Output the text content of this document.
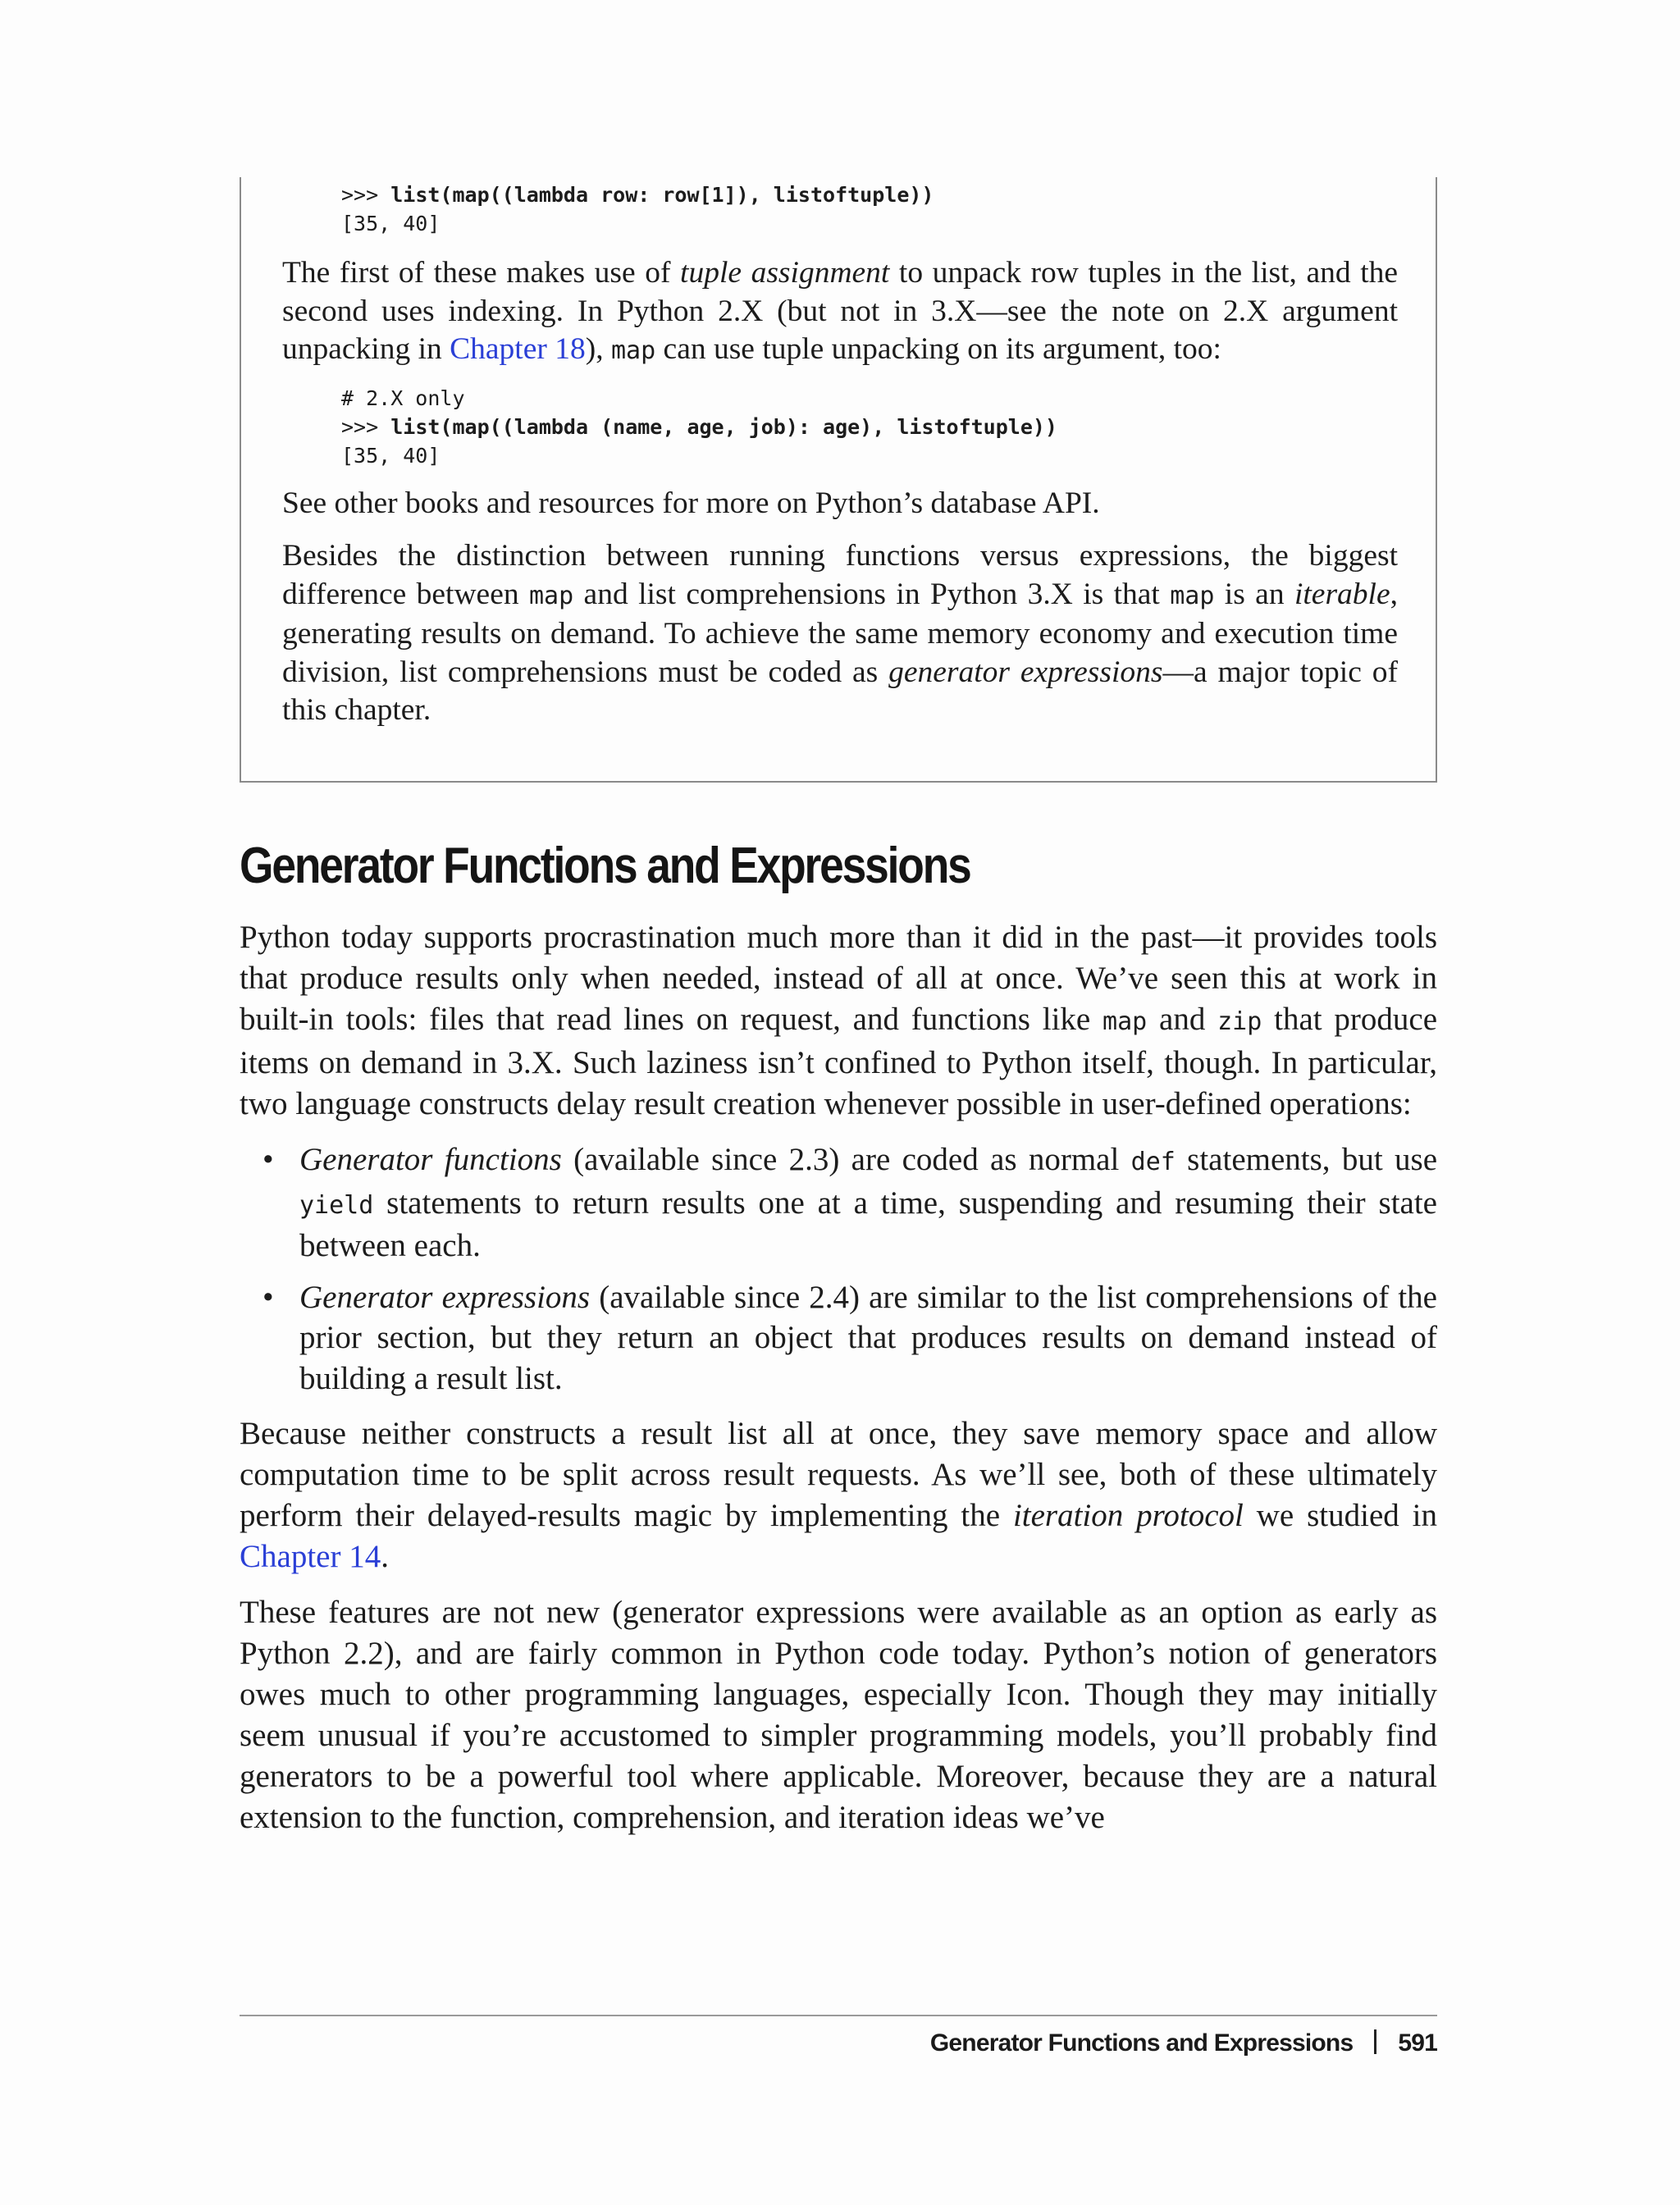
>>> list(map((lambda row: row[1]), listoftuple))
[35, 40]

The first of these makes use of tuple assignment to unpack row tuples in the list, and the second uses indexing. In Python 2.X (but not in 3.X—see the note on 2.X argument unpacking in Chapter 18), map can use tuple unpacking on its argument, too:

# 2.X only
>>> list(map((lambda (name, age, job): age), listoftuple))
[35, 40]

See other books and resources for more on Python’s database API.

Besides the distinction between running functions versus expressions, the biggest difference between map and list comprehensions in Python 3.X is that map is an iterable, generating results on demand. To achieve the same memory economy and execution time division, list comprehensions must be coded as generator expressions—a major topic of this chapter.

Generator Functions and Expressions

Python today supports procrastination much more than it did in the past—it provides tools that produce results only when needed, instead of all at once. We’ve seen this at work in built-in tools: files that read lines on request, and functions like map and zip that produce items on demand in 3.X. Such laziness isn’t confined to Python itself, though. In particular, two language constructs delay result creation whenever possible in user-defined operations:

• Generator functions (available since 2.3) are coded as normal def statements, but use yield statements to return results one at a time, suspending and resuming their state between each.
• Generator expressions (available since 2.4) are similar to the list comprehensions of the prior section, but they return an object that produces results on demand instead of building a result list.

Because neither constructs a result list all at once, they save memory space and allow computation time to be split across result requests. As we’ll see, both of these ultimately perform their delayed-results magic by implementing the iteration protocol we studied in Chapter 14.

These features are not new (generator expressions were available as an option as early as Python 2.2), and are fairly common in Python code today. Python’s notion of generators owes much to other programming languages, especially Icon. Though they may initially seem unusual if you’re accustomed to simpler programming models, you’ll probably find generators to be a powerful tool where applicable. Moreover, because they are a natural extension to the function, comprehension, and iteration ideas we’ve

Generator Functions and Expressions 591
